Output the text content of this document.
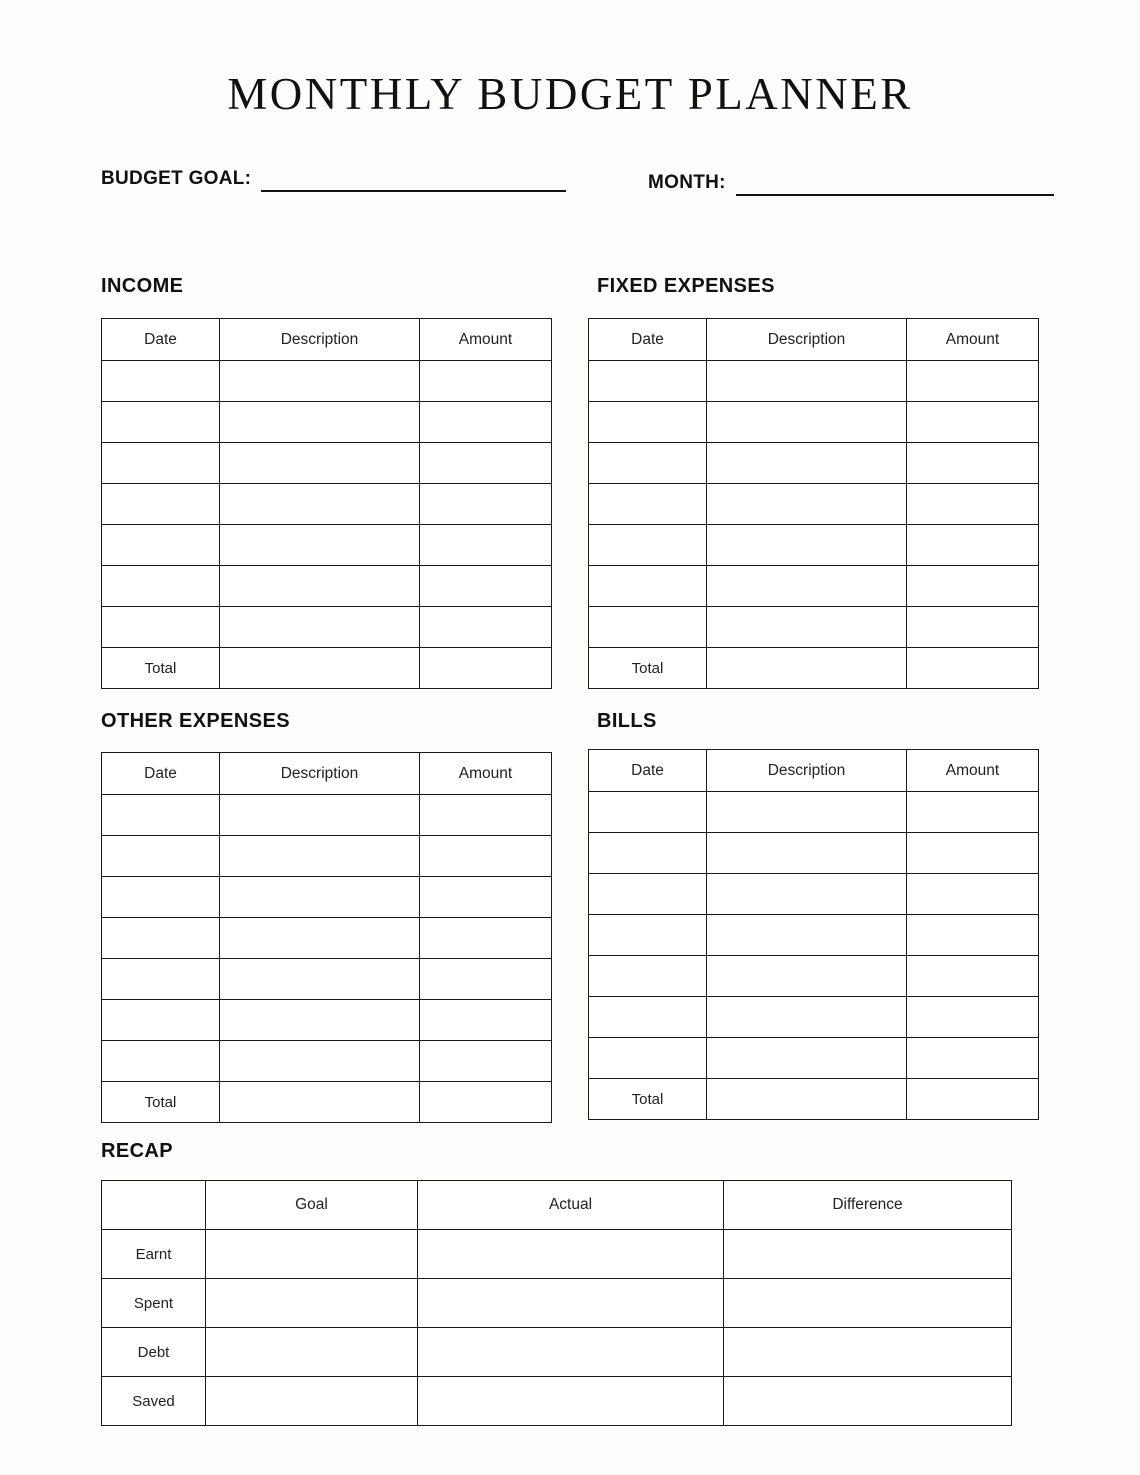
MONTHLY BUDGET PLANNER
BUDGET GOAL:	MONTH:
INCOME
Date	Description	Amount

Total		
FIXED EXPENSES
Date	Description	Amount

Total		
OTHER EXPENSES
Date	Description	Amount

Total		
BILLS
Date	Description	Amount

Total		
RECAP
	Goal	Actual	Difference
Earnt			
Spent			
Debt			
Saved			
